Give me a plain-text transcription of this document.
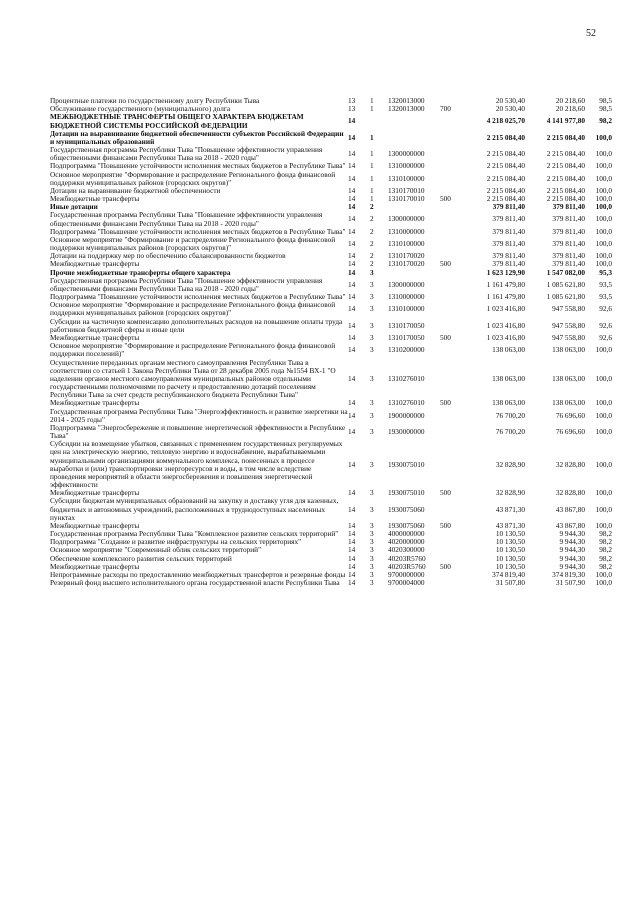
52
Процентные платежи по государственному долгу Республики Тыва	13	1	1320013000		20 530,40	20 218,60	98,5
Обслуживание государственного (муниципального) долга	13	1	1320013000	700	20 530,40	20 218,60	98,5
МЕЖБЮДЖЕТНЫЕ ТРАНСФЕРТЫ ОБЩЕГО ХАРАКТЕРА БЮДЖЕТАМ БЮДЖЕТНОЙ СИСТЕМЫ РОССИЙСКОЙ ФЕДЕРАЦИИ	14				4 218 025,70	4 141 977,80	98,2
Дотации на выравнивание бюджетной обеспеченности субъектов Российской Федерации и муниципальных образований	14	1			2 215 084,40	2 215 084,40	100,0
Государственная программа Республики Тыва "Повышение эффективности управления общественными финансами Республики Тыва на 2018 - 2020 годы"	14	1	1300000000		2 215 084,40	2 215 084,40	100,0
Подпрограмма "Повышение устойчивости исполнения местных бюджетов в Республике Тыва"	14	1	1310000000		2 215 084,40	2 215 084,40	100,0
Основное мероприятие "Формирование и распределение Регионального фонда финансовой поддержки муниципальных районов (городских округов)"	14	1	1310100000		2 215 084,40	2 215 084,40	100,0
Дотации на выравнивание бюджетной обеспеченности	14	1	1310170010		2 215 084,40	2 215 084,40	100,0
Межбюджетные трансферты	14	1	1310170010	500	2 215 084,40	2 215 084,40	100,0
Иные дотации	14	2			379 811,40	379 811,40	100,0
Государственная программа Республики Тыва "Повышение эффективности управления общественными финансами Республики Тыва на 2018 - 2020 годы"	14	2	1300000000		379 811,40	379 811,40	100,0
Подпрограмма "Повышение устойчивости исполнения местных бюджетов в Республике Тыва"	14	2	1310000000		379 811,40	379 811,40	100,0
Основное мероприятие "Формирование и распределение Регионального фонда финансовой поддержки муниципальных районов (городских округов)"	14	2	1310100000		379 811,40	379 811,40	100,0
Дотации на поддержку мер по обеспечению сбалансированности бюджетов	14	2	1310170020		379 811,40	379 811,40	100,0
Межбюджетные трансферты	14	2	1310170020	500	379 811,40	379 811,40	100,0
Прочие межбюджетные трансферты общего характера	14	3			1 623 129,90	1 547 082,00	95,3
Государственная программа Республики Тыва "Повышение эффективности управления общественными финансами Республики Тыва на 2018 - 2020 годы"	14	3	1300000000		1 161 479,80	1 085 621,80	93,5
Подпрограмма "Повышение устойчивости исполнения местных бюджетов в Республике Тыва"	14	3	1310000000		1 161 479,80	1 085 621,80	93,5
Основное мероприятие "Формирование и распределение Регионального фонда финансовой поддержки муниципальных районов (городских округов)"	14	3	1310100000		1 023 416,80	947 558,80	92,6
Субсидии на частичную компенсацию дополнительных расходов на повышение оплаты труда работников бюджетной сферы и иные цели	14	3	1310170050		1 023 416,80	947 558,80	92,6
Межбюджетные трансферты	14	3	1310170050	500	1 023 416,80	947 558,80	92,6
Основное мероприятие "Формирование и распределение Регионального фонда финансовой поддержки поселений)"	14	3	1310200000		138 063,00	138 063,00	100,0
Осуществление переданных органам местного самоуправления Республики Тыва в соответствии со статьей 1 Закона Республики Тыва от 28 декабря 2005 года №1554 ВХ-1 "О наделении органов местного самоуправления муниципальных районов отдельными государственными полномочиями по расчету и предоставлению дотаций поселениям Республики Тыва за счет средств республиканского бюджета Республики Тыва"	14	3	1310276010		138 063,00	138 063,00	100,0
Межбюджетные трансферты	14	3	1310276010	500	138 063,00	138 063,00	100,0
Государственная программа Республики Тыва "Энергоэффективность и развитие энергетики на 2014 - 2025 годы"	14	3	1900000000		76 700,20	76 696,60	100,0
Подпрограмма "Энергосбережение и повышение энергетической эффективности в Республике Тыва"	14	3	1930000000		76 700,20	76 696,60	100,0
Субсидии на возмещение убытков, связанных с применением государственных регулируемых цен на электрическую энергию, тепловую энергию и водоснабжение, вырабатываемыми муниципальными организациями коммунального комплекса, понесенных в процессе выработки и (или) транспортировки энергоресурсов и воды, в том числе вследствие проведения мероприятий в области энергосбережения и повышения энергетической эффективности	14	3	1930075010		32 828,90	32 828,80	100,0
Межбюджетные трансферты	14	3	1930075010	500	32 828,90	32 828,80	100,0
Субсидии бюджетам муниципальных образований на закупку и доставку угля для казенных, бюджетных и автономных учреждений, расположенных в труднодоступных населенных пунктах	14	3	1930075060		43 871,30	43 867,80	100,0
Межбюджетные трансферты	14	3	1930075060	500	43 871,30	43 867,80	100,0
Государственная программа Республики Тыва "Комплексное развитие сельских территорий"	14	3	4000000000		10 130,50	9 944,30	98,2
Подпрограмма "Создание и развитие инфраструктуры на сельских территориях"	14	3	4020000000		10 130,50	9 944,30	98,2
Основное мероприятие "Современный облик сельских территорий"	14	3	4020300000		10 130,50	9 944,30	98,2
Обеспечение комплексного развития сельских территорий	14	3	40203R5760		10 130,50	9 944,30	98,2
Межбюджетные трансферты	14	3	40203R5760	500	10 130,50	9 944,30	98,2
Непрограммные расходы по предоставлению межбюджетных трансфертов и резервные фонды	14	3	9700000000		374 819,40	374 819,30	100,0
Резервный фонд высшего исполнительного органа государственной власти Республики Тыва	14	3	9700004000		31 507,80	31 507,90	100,0
